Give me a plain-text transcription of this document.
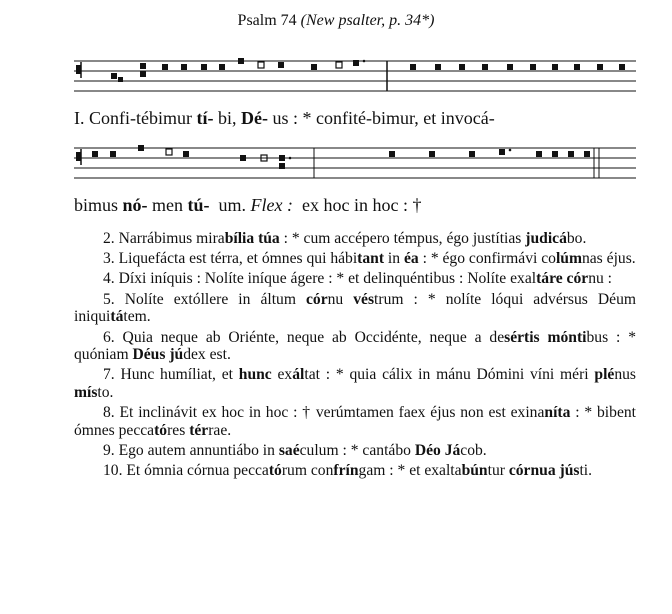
Psalm 74 (New psalter, p. 34*)
I. Confi-tébimur tí- bi, Dé- us : * confité-bimur, et invocá-
bimus nó- men tú-  um. Flex :  ex hoc in hoc : †
2. Narrábimus mirabília túa : * cum accépero témpus, égo justítias judicábo.
3. Liquefácta est térra, et ómnes qui hábitant in éa : * égo confirmávi colúmnas éjus.
4. Díxi iníquis : Nolíte iníque ágere : * et delinquéntibus : Nolíte exaltáre córnu :
5. Nolíte extóllere in áltum córnu véstrum : * nolíte lóqui advérsus Déum iniquitátem.
6. Quia neque ab Oriénte, neque ab Occidénte, neque a desértis móntibus : * quóniam Déus júdex est.
7. Hunc humíliat, et hunc exáltat : * quia cálix in mánu Dómini víni méri plénus místo.
8. Et inclinávit ex hoc in hoc : † verúmtamen faex éjus non est exinaníta : * bibent ómnes peccatóres térrae.
9. Ego autem annuntiábo in saéculum : * cantábo Déo Jácob.
10. Et ómnia córnua peccatórum confríngam : * et exaltabúntur córnua jústi.
